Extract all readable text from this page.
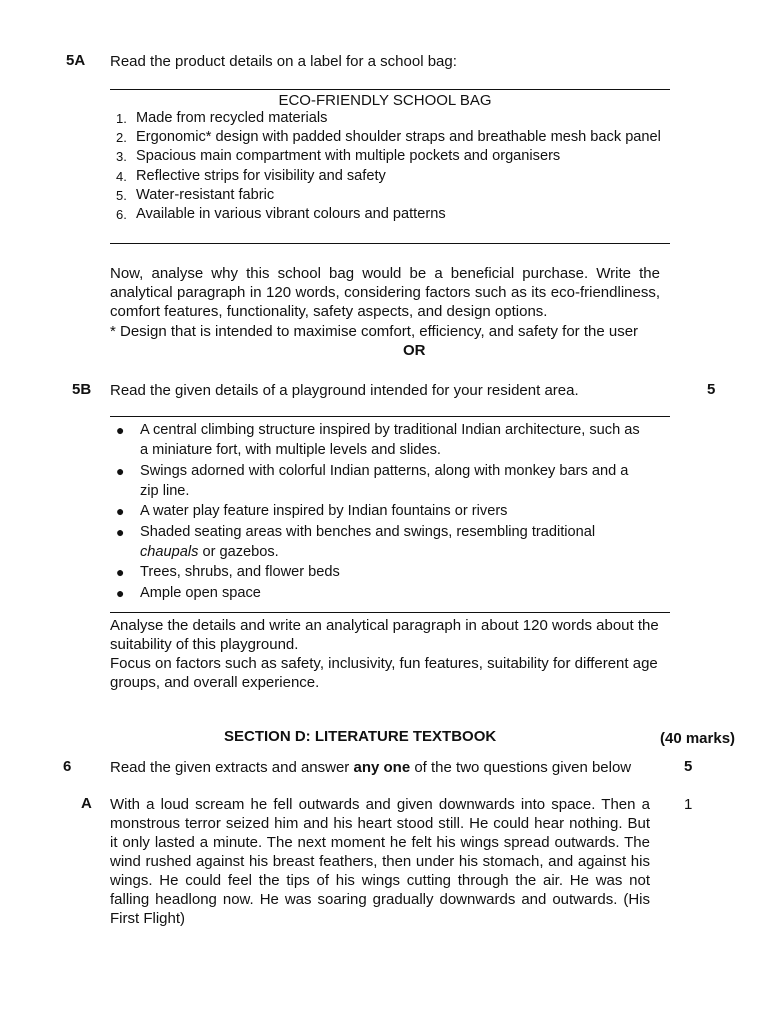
5A Read the product details on a label for a school bag:
ECO-FRIENDLY SCHOOL BAG
1. Made from recycled materials
2. Ergonomic* design with padded shoulder straps and breathable mesh back panel
3. Spacious main compartment with multiple pockets and organisers
4. Reflective strips for visibility and safety
5. Water-resistant fabric
6. Available in various vibrant colours and patterns
Now, analyse why this school bag would be a beneficial purchase. Write the analytical paragraph in 120 words, considering factors such as its eco-friendliness, comfort features, functionality, safety aspects, and design options.
* Design that is intended to maximise comfort, efficiency, and safety for the user
OR
5B Read the given details of a playground intended for your resident area.	5
● A central climbing structure inspired by traditional Indian architecture, such as a miniature fort, with multiple levels and slides.
● Swings adorned with colorful Indian patterns, along with monkey bars and a zip line.
● A water play feature inspired by Indian fountains or rivers
● Shaded seating areas with benches and swings, resembling traditional
chaupals or gazebos.
● Trees, shrubs, and flower beds
● Ample open space
Analyse the details and write an analytical paragraph in about 120 words about the suitability of this playground.
Focus on factors such as safety, inclusivity, fun features, suitability for different age groups, and overall experience.
SECTION D: LITERATURE TEXTBOOK	(40 marks)
6	Read the given extracts and answer any one of the two questions given below	5
A With a loud scream he fell outwards and given downwards into space. Then a monstrous terror seized him and his heart stood still. He could hear nothing. But it only lasted a minute. The next moment he felt his wings spread outwards. The wind rushed against his breast feathers, then under his stomach, and against his wings. He could feel the tips of his wings cutting through the air. He was not falling headlong now. He was soaring gradually downwards and outwards. (His First Flight)
1
